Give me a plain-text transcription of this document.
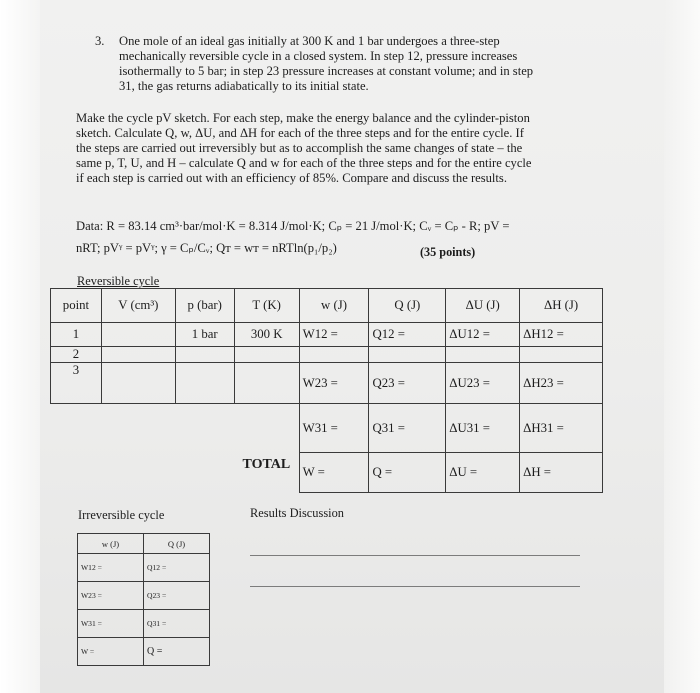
3. One mole of an ideal gas initially at 300 K and 1 bar undergoes a three-step
mechanically reversible cycle in a closed system. In step 12, pressure increases
isothermally to 5 bar; in step 23 pressure increases at constant volume; and in step
31, the gas returns adiabatically to its initial state.
Make the cycle pV sketch. For each step, make the energy balance and the cylinder-piston
sketch. Calculate Q, w, ΔU, and ΔH for each of the three steps and for the entire cycle. If
the steps are carried out irreversibly but as to accomplish the same changes of state – the
same p, T, U, and H – calculate Q and w for each of the three steps and for the entire cycle
if each step is carried out with an efficiency of 85%. Compare and discuss the results.
Data: R = 83.14 cm³·bar/mol·K = 8.314 J/mol·K; Cₚ = 21 J/mol·K; Cᵥ = Cₚ - R; pV =
nRT; pVᵞ = pVᵞ; γ = Cₚ/Cᵥ; Qᴛ = wᴛ = nRTln(p₁/p₂)	(35 points)
Reversible cycle
point	V (cm³)	p (bar)	T (K)	w (J)	Q (J)	ΔU (J)	ΔH (J)
1		1 bar	300 K	W12 =	Q12 =	ΔU12 =	ΔH12 =
2							
3				W23 =	Q23 =	ΔU23 =	ΔH23 =
				W31 =	Q31 =	ΔU31 =	ΔH31 =
			TOTAL	W =	Q =	ΔU =	ΔH =
Irreversible cycle	Results Discussion
w (J)	Q (J)
W12 =	Q12 =
W23 =	Q23 =
W31 =	Q31 =
W =	Q =
